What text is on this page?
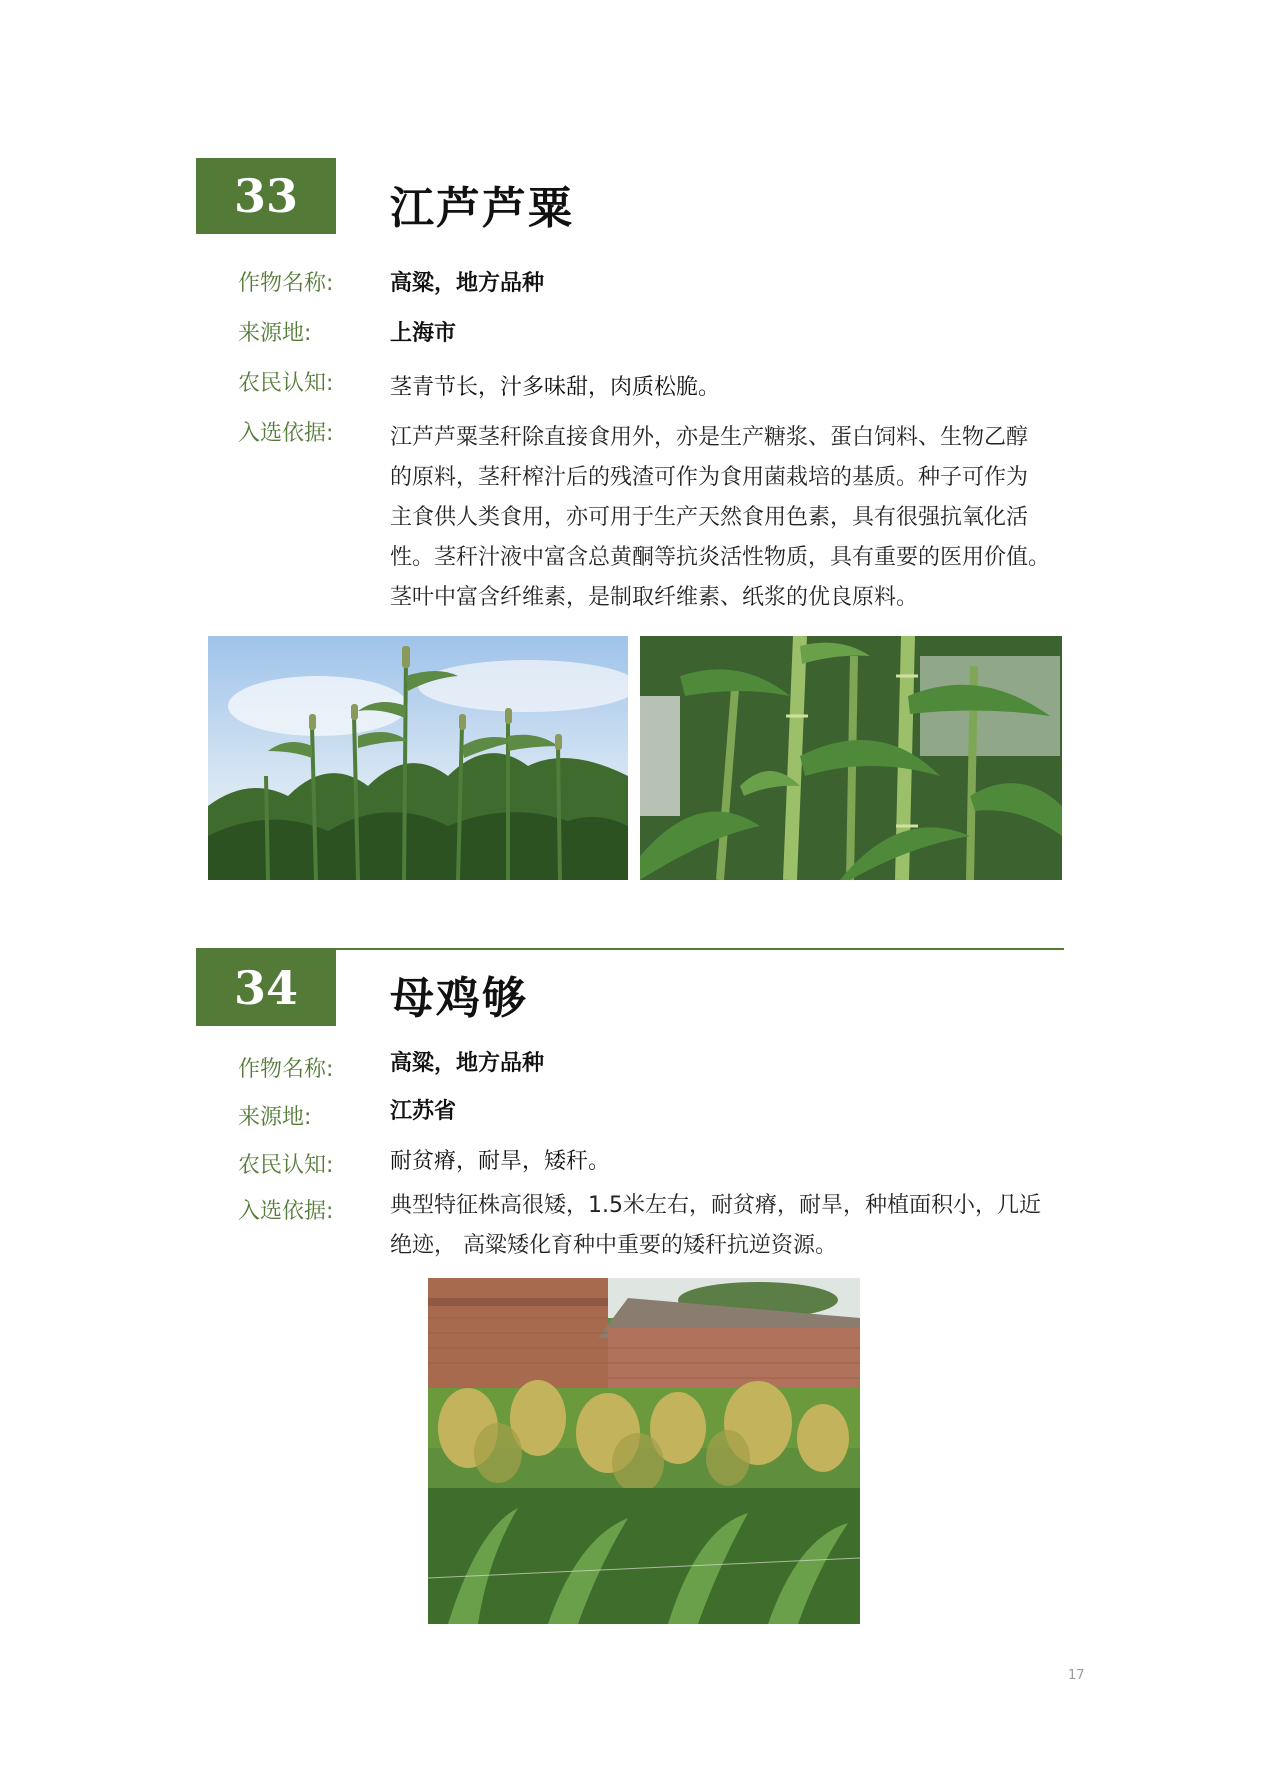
33	江芦芦粟
作物名称:	高粱，地方品种
来源地:	上海市
农民认知:	茎青节长，汁多味甜，肉质松脆。
入选依据:	江芦芦粟茎秆除直接食用外，亦是生产糖浆、蛋白饲料、生物乙醇
的原料，茎秆榨汁后的残渣可作为食用菌栽培的基质。种子可作为
主食供人类食用，亦可用于生产天然食用色素，具有很强抗氧化活
性。茎秆汁液中富含总黄酮等抗炎活性物质，具有重要的医用价值。
茎叶中富含纤维素，是制取纤维素、纸浆的优良原料。
34	母鸡够
作物名称:	高粱，地方品种
来源地:	江苏省
农民认知:	耐贫瘠，耐旱，矮秆。
入选依据:	典型特征株高很矮，1.5米左右，耐贫瘠，耐旱，种植面积小，几近
绝迹， 高粱矮化育种中重要的矮秆抗逆资源。
17
